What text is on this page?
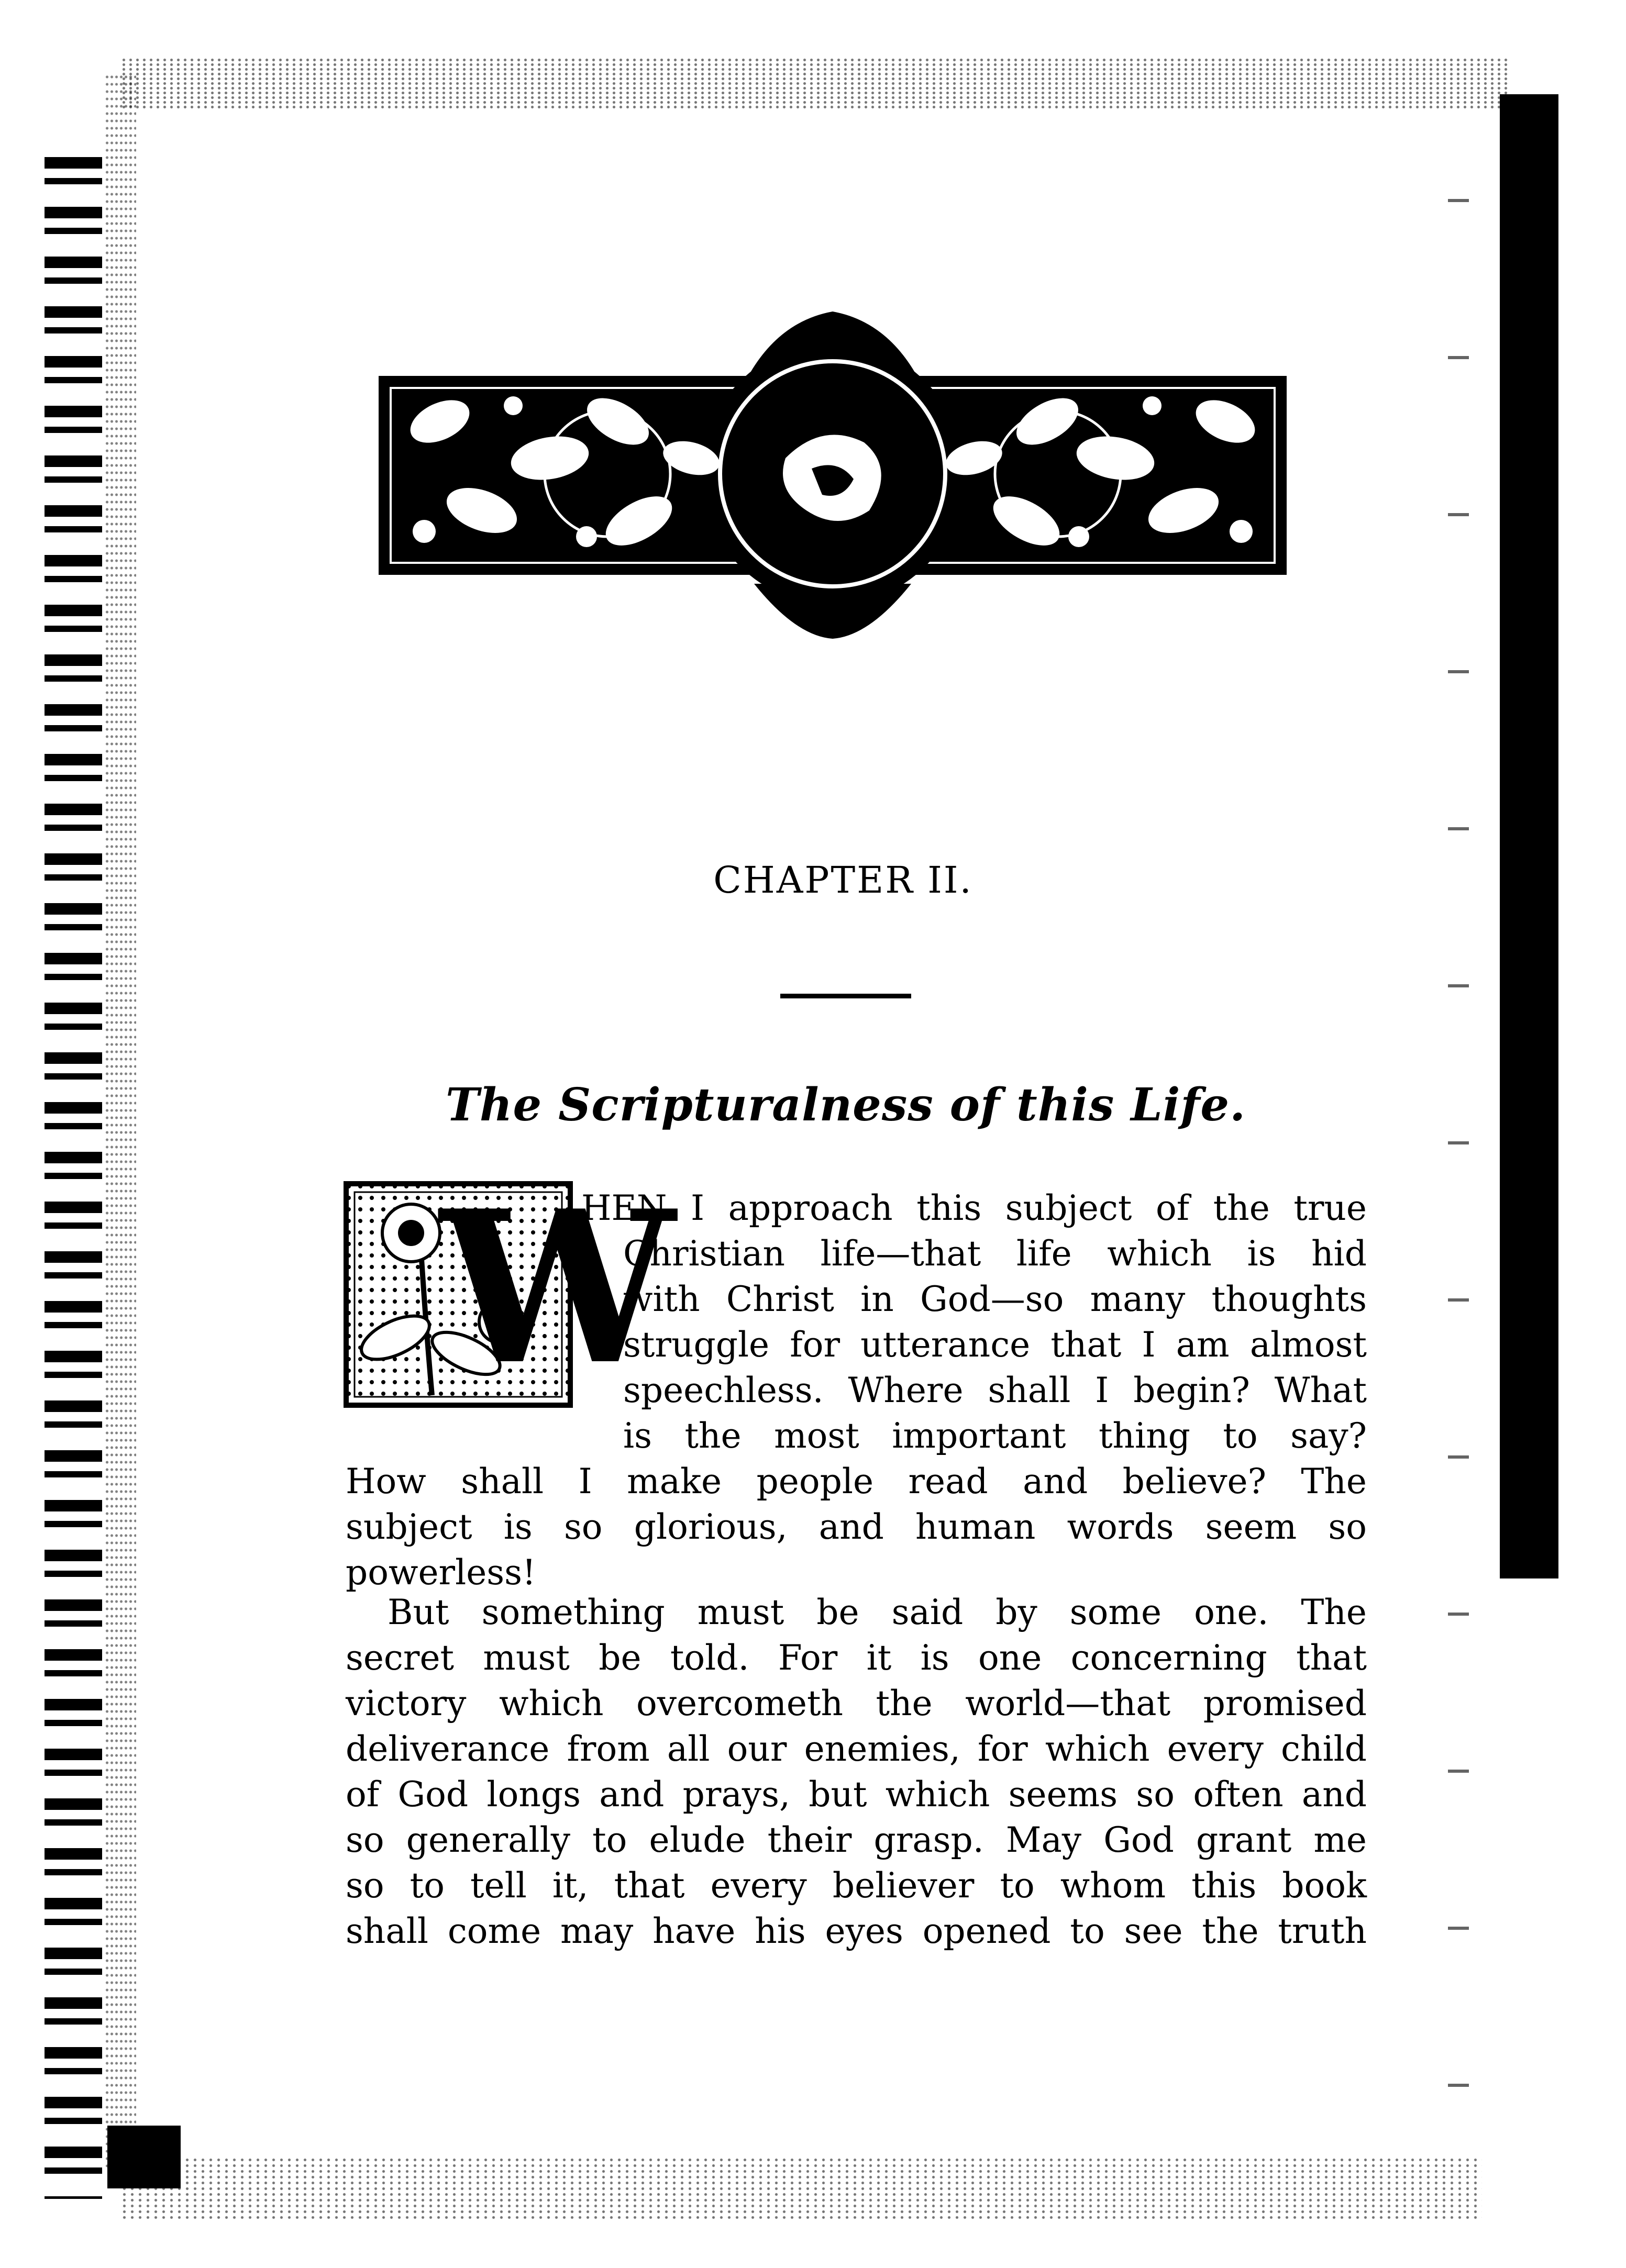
CHAPTER II.
The Scripturalness of this Life.
W
HEN I approach this subject of the true
Christian life—that life which is hid
with Christ in God—so many thoughts
struggle for utterance that I am almost
speechless. Where shall I begin? What
is the most important thing to say?
How shall I make people read and believe? The
subject is so glorious, and human words seem so
powerless!
But something must be said by some one. The
secret must be told. For it is one concerning that
victory which overcometh the world—that promised
deliverance from all our enemies, for which every child
of God longs and prays, but which seems so often and
so generally to elude their grasp. May God grant me
so to tell it, that every believer to whom this book
shall come may have his eyes opened to see the truth
